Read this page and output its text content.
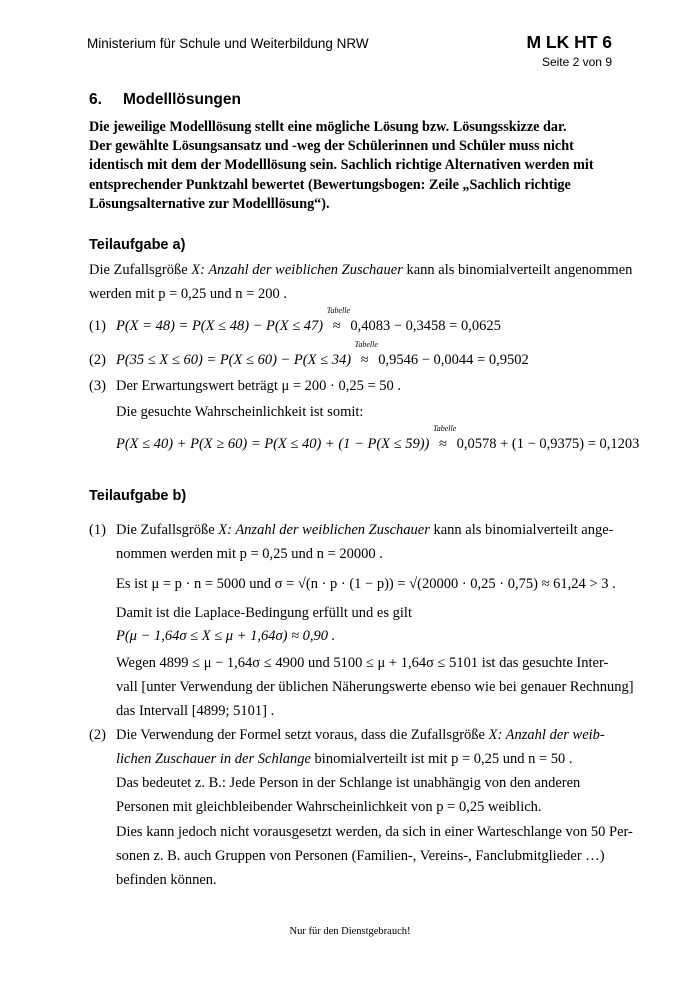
Ministerium für Schule und Weiterbildung NRW	M LK HT 6
Seite 2 von 9
6. Modelllösungen
Die jeweilige Modelllösung stellt eine mögliche Lösung bzw. Lösungsskizze dar.
Der gewählte Lösungsansatz und -weg der Schülerinnen und Schüler muss nicht
identisch mit dem der Modelllösung sein. Sachlich richtige Alternativen werden mit
entsprechender Punktzahl bewertet (Bewertungsbogen: Zeile „Sachlich richtige
Lösungsalternative zur Modelllösung“).
Teilaufgabe a)
Die Zufallsgröße X: Anzahl der weiblichen Zuschauer kann als binomialverteilt angenommen
werden mit p = 0,25 und n = 200 .
(1) P(X = 48) = P(X ≤ 48) − P(X ≤ 47)
Tabelle
≈ 0,4083 − 0,3458 = 0,0625
(2) P(35 ≤ X ≤ 60) = P(X ≤ 60) − P(X ≤ 34)
Tabelle
≈ 0,9546 − 0,0044 = 0,9502
(3) Der Erwartungswert beträgt μ = 200 · 0,25 = 50 .
Die gesuchte Wahrscheinlichkeit ist somit:
P(X ≤ 40) + P(X ≥ 60) = P(X ≤ 40) + (1 − P(X ≤ 59))
Tabelle
≈ 0,0578 + (1 − 0,9375) = 0,1203
Teilaufgabe b)
(1) Die Zufallsgröße X: Anzahl der weiblichen Zuschauer kann als binomialverteilt ange-
nommen werden mit p = 0,25 und n = 20000 .
Es ist μ = p · n = 5000 und σ = √(n · p · (1 − p)) = √(20000 · 0,25 · 0,75) ≈ 61,24 > 3 .
Damit ist die Laplace-Bedingung erfüllt und es gilt
P(μ − 1,64σ ≤ X ≤ μ + 1,64σ) ≈ 0,90 .
Wegen 4899 ≤ μ − 1,64σ ≤ 4900 und 5100 ≤ μ + 1,64σ ≤ 5101 ist das gesuchte Inter-
vall [unter Verwendung der üblichen Näherungswerte ebenso wie bei genauer Rechnung]
das Intervall [4899; 5101] .
(2) Die Verwendung der Formel setzt voraus, dass die Zufallsgröße X: Anzahl der weib-
lichen Zuschauer in der Schlange binomialverteilt ist mit p = 0,25 und n = 50 .
Das bedeutet z. B.: Jede Person in der Schlange ist unabhängig von den anderen
Personen mit gleichbleibender Wahrscheinlichkeit von p = 0,25 weiblich.
Dies kann jedoch nicht vorausgesetzt werden, da sich in einer Warteschlange von 50 Per-
sonen z. B. auch Gruppen von Personen (Familien-, Vereins-, Fanclubmitglieder …)
befinden können.
Nur für den Dienstgebrauch!
